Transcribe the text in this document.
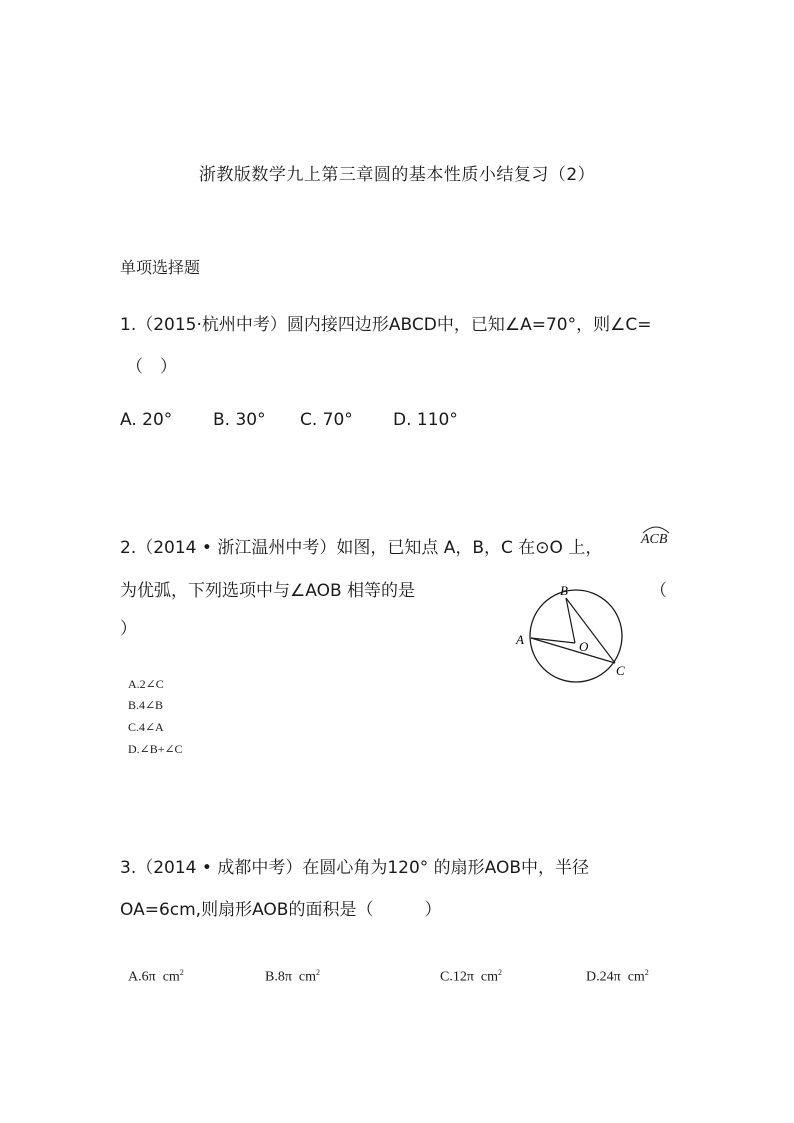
浙教版数学九上第三章圆的基本性质小结复习（2）
单项选择题
1.（2015·杭州中考）圆内接四边形ABCD中，已知∠A=70°，则∠C=
（　）
A. 20° B. 30° C. 70° D. 110°
2.（2014 • 浙江温州中考）如图，已知点 A，B，C 在⊙O 上，	ACB
为优弧，下列选项中与∠AOB 相等的是	（
）
B
A	O
C
A.2∠C
B.4∠B
C.4∠A
D.∠B+∠C
3.（2014 • 成都中考）在圆心角为120° 的扇形AOB中，半径
OA=6cm,则扇形AOB的面积是（　　　）
A.6π $cm^2$	B.8π $cm^2$	C.12π $cm^2$	D.24π $cm^2$
